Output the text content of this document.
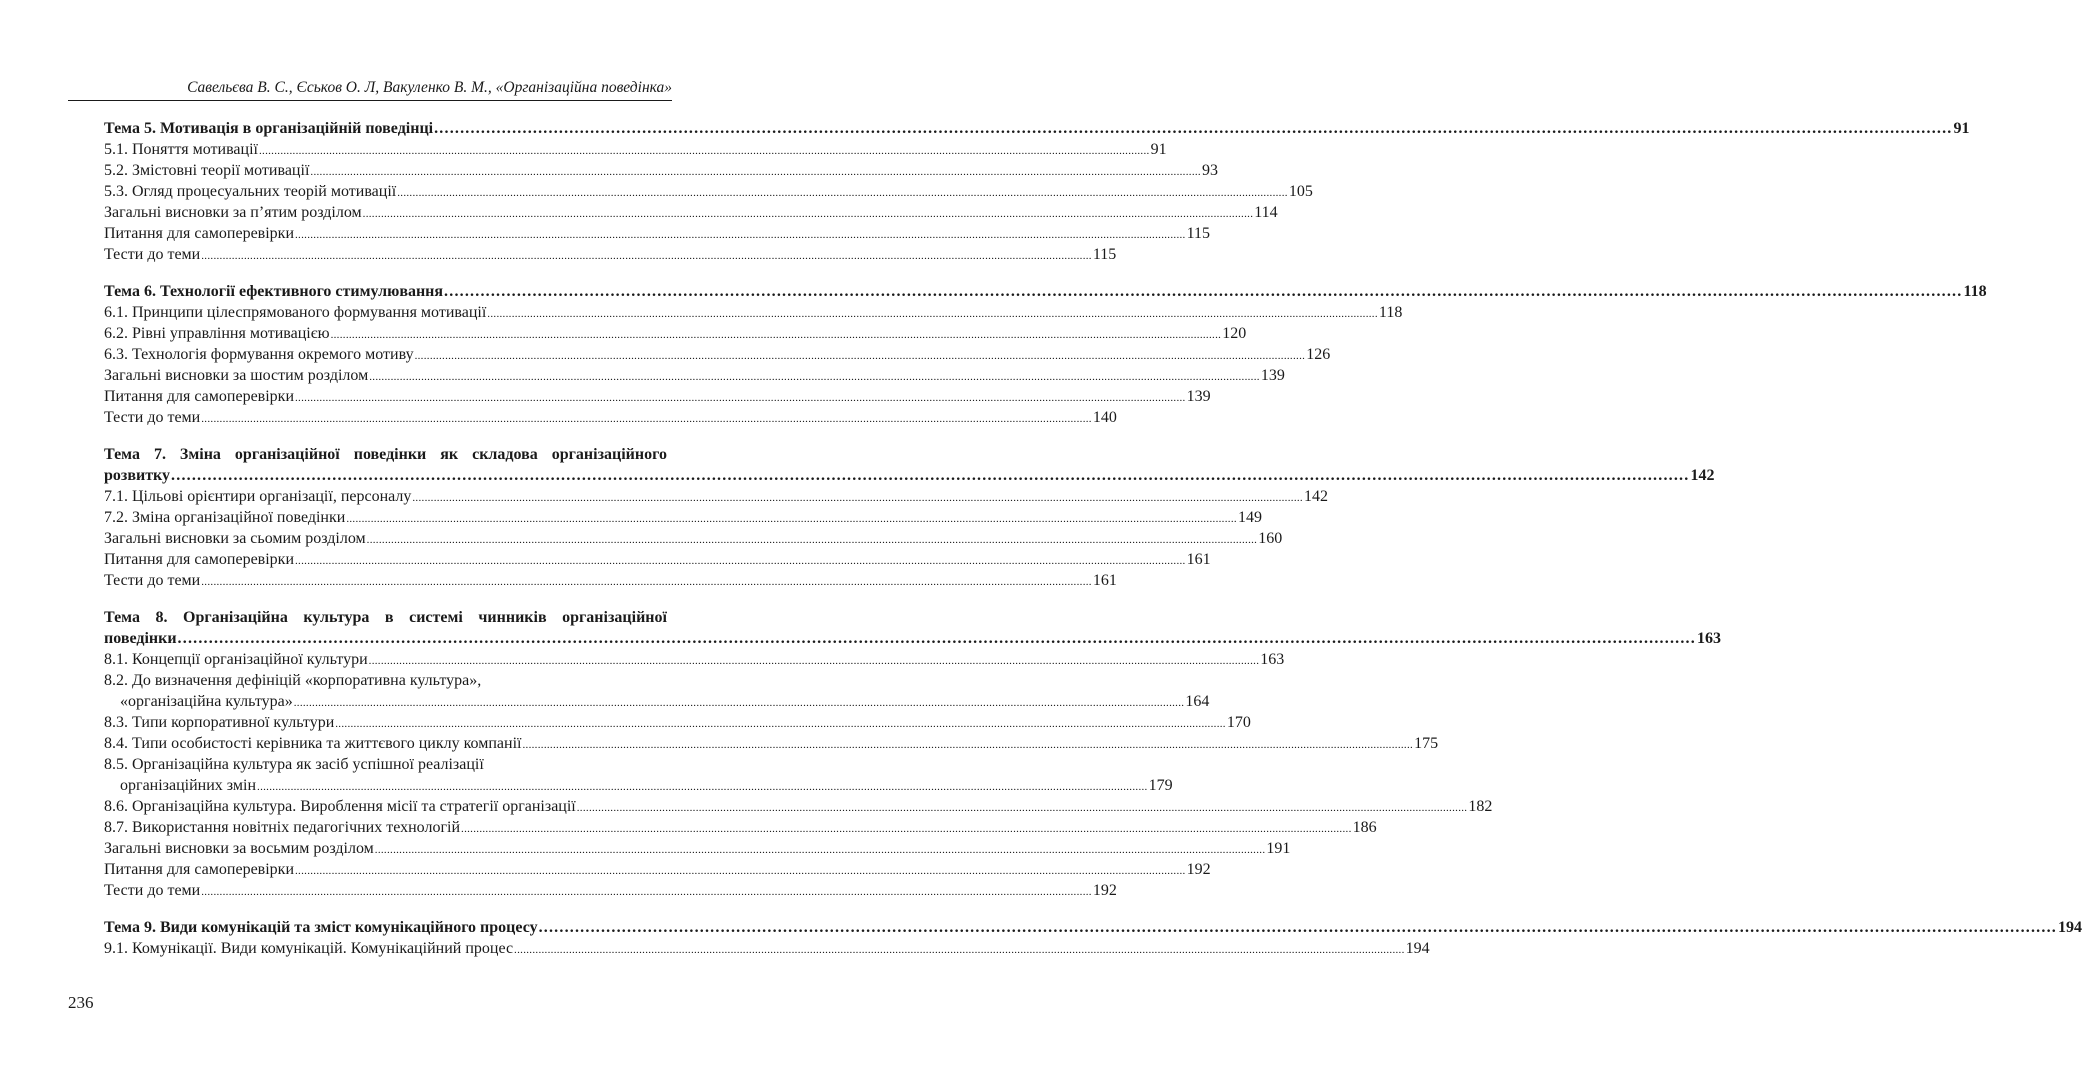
Савельєва В. С., Єськов О. Л, Вакуленко В. М., «Організаційна поведінка»
Тема 5. Мотивація в організаційній поведінці .....	91
5.1. Поняття мотивації .....	91
5.2. Змістовні теорії мотивації .....	93
5.3. Огляд процесуальних теорій мотивації .....	105
Загальні висновки за п’ятим розділом .....	114
Питання для самоперевірки .....	115
Тести до теми .....	115
Тема 6. Технології ефективного стимулювання .....	118
6.1. Принципи цілеспрямованого формування мотивації .....	118
6.2. Рівні управління мотивацією .....	120
6.3. Технологія формування окремого мотиву .....	126
Загальні висновки за шостим розділом .....	139
Питання для самоперевірки .....	139
Тести до теми .....	140
Тема 7. Зміна організаційної поведінки як складова організаційного
розвитку .....	142
7.1. Цільові орієнтири організації, персоналу .....	142
7.2. Зміна організаційної поведінки .....	149
Загальні висновки за сьомим розділом .....	160
Питання для самоперевірки .....	161
Тести до теми .....	161
Тема 8. Організаційна культура в системі чинників організаційної
поведінки .....	163
8.1. Концепції організаційної культури .....	163
8.2. До визначення дефініцій «корпоративна культура»,
«організаційна культура» .....	164
8.3. Типи корпоративної культури .....	170
8.4. Типи особистості керівника та життєвого циклу компанії .....	175
8.5. Організаційна культура як засіб успішної реалізації
організаційних змін .....	179
8.6. Організаційна культура. Вироблення місії та стратегії організації .....	182
8.7. Використання новітніх педагогічних технологій .....	186
Загальні висновки за восьмим розділом .....	191
Питання для самоперевірки .....	192
Тести до теми .....	192
Тема 9. Види комунікацій та зміст комунікаційного процесу .....	194
9.1. Комунікації. Види комунікацій. Комунікаційний процес .....	194
236
